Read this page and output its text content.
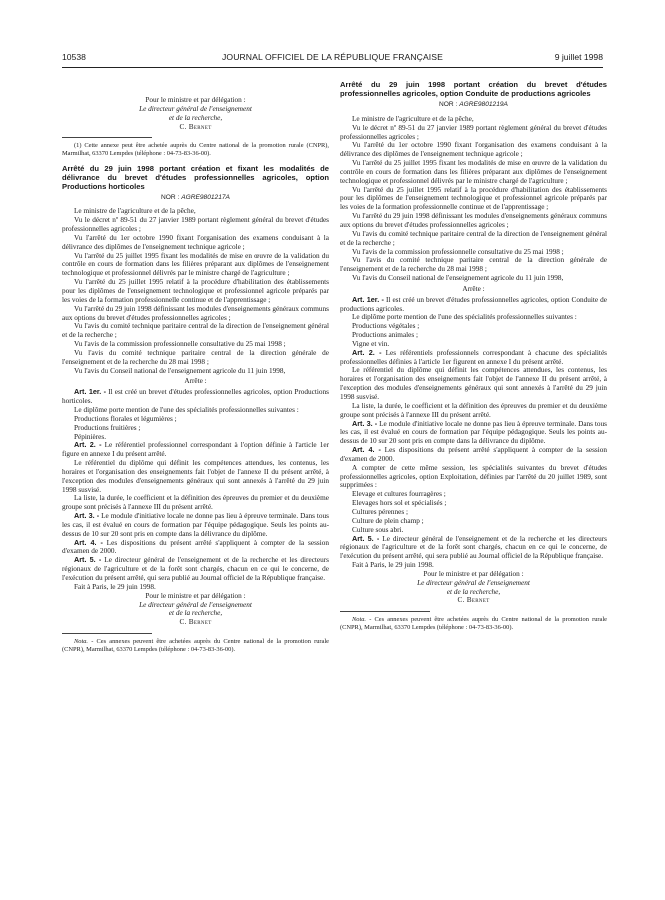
10538	JOURNAL OFFICIEL DE LA RÉPUBLIQUE FRANÇAISE	9 juillet 1998

Pour le ministre et par délégation :

Le directeur général de l'enseignement

et de la recherche,

C. Bernet

(1) Cette annexe peut être achetée auprès du Centre national de la promotion rurale (CNPR), Marmilhat, 63370 Lempdes (téléphone : 04-73-83-36-00).

Arrêté du 29 juin 1998 portant création et fixant les modalités de délivrance du brevet d'études professionnelles agricoles, option Productions horticoles

NOR : AGRE9801217A

Le ministre de l'agriculture et de la pêche,

Vu le décret nº 89-51 du 27 janvier 1989 portant règlement général du brevet d'études professionnelles agricoles ;

Vu l'arrêté du 1er octobre 1990 fixant l'organisation des examens conduisant à la délivrance des diplômes de l'enseignement technique agricole ;

Vu l'arrêté du 25 juillet 1995 fixant les modalités de mise en œuvre de la validation du contrôle en cours de formation dans les filières préparant aux diplômes de l'enseignement technologique et professionnel délivrés par le ministre chargé de l'agriculture ;

Vu l'arrêté du 25 juillet 1995 relatif à la procédure d'habilitation des établissements pour les diplômes de l'enseignement technologique et professionnel agricole préparés par les voies de la formation professionnelle continue et de l'apprentissage ;

Vu l'arrêté du 29 juin 1998 définissant les modules d'enseignements généraux communs aux options du brevet d'études professionnelles agricoles ;

Vu l'avis du comité technique paritaire central de la direction de l'enseignement général et de la recherche ;

Vu l'avis de la commission professionnelle consultative du 25 mai 1998 ;

Vu l'avis du comité technique paritaire central de la direction générale de l'enseignement et de la recherche du 28 mai 1998 ;

Vu l'avis du Conseil national de l'enseignement agricole du 11 juin 1998,

Arrête :

Art. 1er. - Il est créé un brevet d'études professionnelles agricoles, option Productions horticoles.

Le diplôme porte mention de l'une des spécialités professionnelles suivantes :

Productions florales et légumières ;

Productions fruitières ;

Pépinières.

Art. 2. - Le référentiel professionnel correspondant à l'option définie à l'article 1er figure en annexe I du présent arrêté.

Le référentiel du diplôme qui définit les compétences attendues, les contenus, les horaires et l'organisation des enseignements fait l'objet de l'annexe II du présent arrêté, à l'exception des modules d'enseignements généraux qui sont annexés à l'arrêté du 29 juin 1998 susvisé.

La liste, la durée, le coefficient et la définition des épreuves du premier et du deuxième groupe sont précisés à l'annexe III du présent arrêté.

Art. 3. - Le module d'initiative locale ne donne pas lieu à épreuve terminale. Dans tous les cas, il est évalué en cours de formation par l'équipe pédagogique. Seuls les points au-dessus de 10 sur 20 sont pris en compte dans la délivrance du diplôme.

Art. 4. - Les dispositions du présent arrêté s'appliquent à compter de la session d'examen de 2000.

Art. 5. - Le directeur général de l'enseignement et de la recherche et les directeurs régionaux de l'agriculture et de la forêt sont chargés, chacun en ce qui le concerne, de l'exécution du présent arrêté, qui sera publié au Journal officiel de la République française.

Fait à Paris, le 29 juin 1998.

Pour le ministre et par délégation :

Le directeur général de l'enseignement

et de la recherche,

C. Bernet

Nota. - Ces annexes peuvent être achetées auprès du Centre national de la promotion rurale (CNPR), Marmilhat, 63370 Lempdes (téléphone : 04-73-83-36-00).

Arrêté du 29 juin 1998 portant création du brevet d'études professionnelles agricoles, option Conduite de productions agricoles

NOR : AGRE9801219A

Le ministre de l'agriculture et de la pêche,

Vu le décret nº 89-51 du 27 janvier 1989 portant règlement général du brevet d'études professionnelles agricoles ;

Vu l'arrêté du 1er octobre 1990 fixant l'organisation des examens conduisant à la délivrance des diplômes de l'enseignement technique agricole ;

Vu l'arrêté du 25 juillet 1995 fixant les modalités de mise en œuvre de la validation du contrôle en cours de formation dans les filières préparant aux diplômes de l'enseignement technologique et professionnel délivrés par le ministre chargé de l'agriculture ;

Vu l'arrêté du 25 juillet 1995 relatif à la procédure d'habilitation des établissements pour les diplômes de l'enseignement technologique et professionnel agricole préparés par les voies de la formation professionnelle continue et de l'apprentissage ;

Vu l'arrêté du 29 juin 1998 définissant les modules d'enseignements généraux communs aux options du brevet d'études professionnelles agricoles ;

Vu l'avis du comité technique paritaire central de la direction de l'enseignement général et de la recherche ;

Vu l'avis de la commission professionnelle consultative du 25 mai 1998 ;

Vu l'avis du comité technique paritaire central de la direction générale de l'enseignement et de la recherche du 28 mai 1998 ;

Vu l'avis du Conseil national de l'enseignement agricole du 11 juin 1998,

Arrête :

Art. 1er. - Il est créé un brevet d'études professionnelles agricoles, option Conduite de productions agricoles.

Le diplôme porte mention de l'une des spécialités professionnelles suivantes :

Productions végétales ;

Productions animales ;

Vigne et vin.

Art. 2. - Les référentiels professionnels correspondant à chacune des spécialités professionnelles définies à l'article 1er figurent en annexe I du présent arrêté.

Le référentiel du diplôme qui définit les compétences attendues, les contenus, les horaires et l'organisation des enseignements fait l'objet de l'annexe II du présent arrêté, à l'exception des modules d'enseignements généraux qui sont annexés à l'arrêté du 29 juin 1998 susvisé.

La liste, la durée, le coefficient et la définition des épreuves du premier et du deuxième groupe sont précisés à l'annexe III du présent arrêté.

Art. 3. - Le module d'initiative locale ne donne pas lieu à épreuve terminale. Dans tous les cas, il est évalué en cours de formation par l'équipe pédagogique. Seuls les points au-dessus de 10 sur 20 sont pris en compte dans la délivrance du diplôme.

Art. 4. - Les dispositions du présent arrêté s'appliquent à compter de la session d'examen de 2000.

A compter de cette même session, les spécialités suivantes du brevet d'études professionnelles agricoles, option Exploitation, définies par l'arrêté du 20 juillet 1989, sont supprimées :

Elevage et cultures fourragères ;

Elevages hors sol et spécialisés ;

Cultures pérennes ;

Culture de plein champ ;

Culture sous abri.

Art. 5. - Le directeur général de l'enseignement et de la recherche et les directeurs régionaux de l'agriculture et de la forêt sont chargés, chacun en ce qui le concerne, de l'exécution du présent arrêté, qui sera publié au Journal officiel de la République française.

Fait à Paris, le 29 juin 1998.

Pour le ministre et par délégation :

Le directeur général de l'enseignement

et de la recherche,

C. Bernet

Nota. - Ces annexes peuvent être achetées auprès du Centre national de la promotion rurale (CNPR), Marmilhat, 63370 Lempdes (téléphone : 04-73-83-36-00).
